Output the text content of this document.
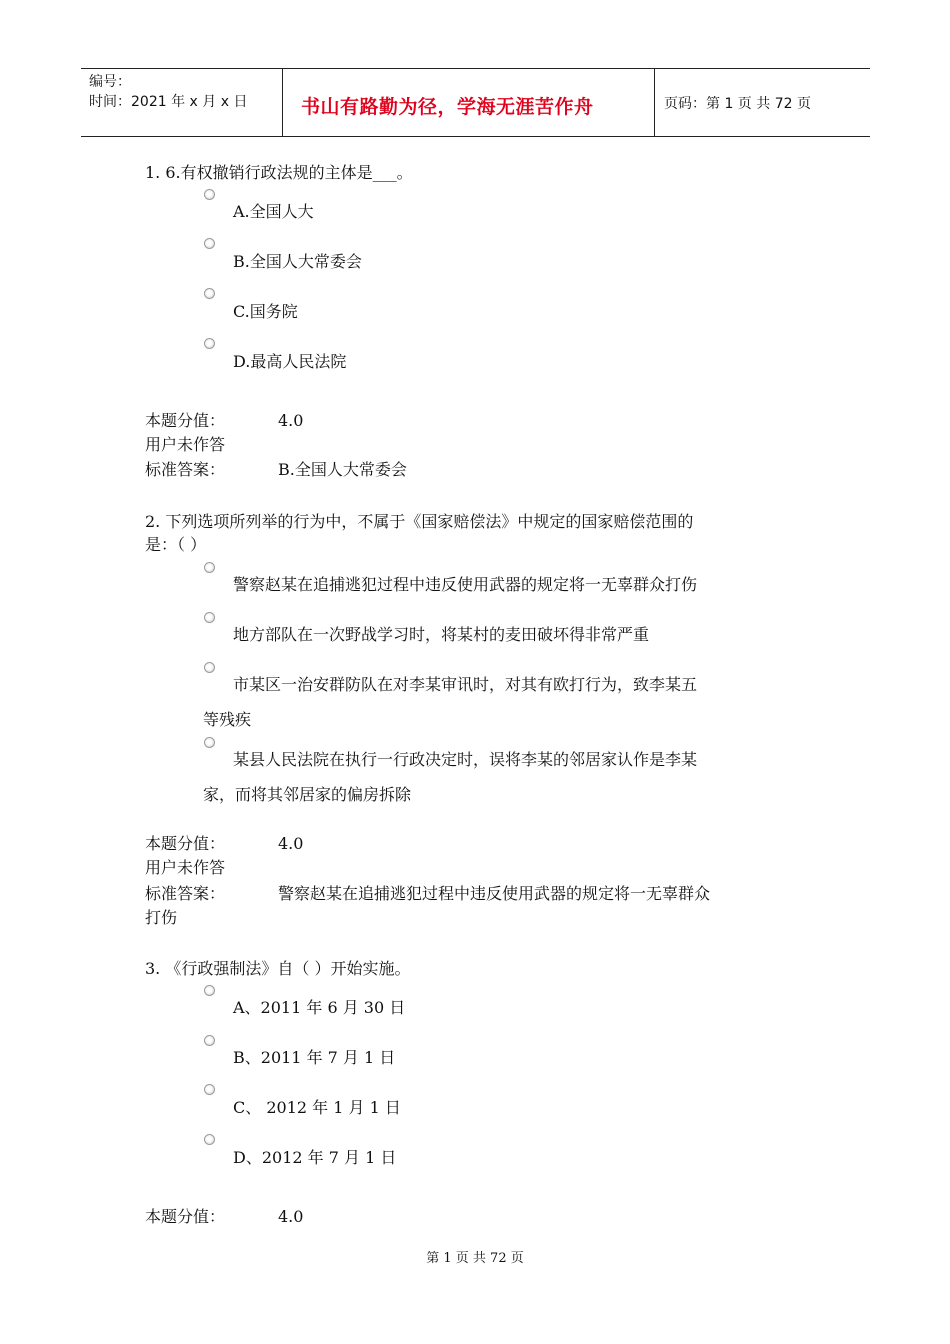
编号：
时间：2021 年 x 月 x 日	书山有路勤为径，学海无涯苦作舟	页码：第 1 页 共 72 页
1. 6.有权撤销行政法规的主体是___。
A.全国人大
B.全国人大常委会
C.国务院
D.最高人民法院
本题分值：	4.0
用户未作答
标准答案：	B.全国人大常委会
2. 下列选项所列举的行为中，不属于《国家赔偿法》中规定的国家赔偿范围的
是：（ ）
警察赵某在追捕逃犯过程中违反使用武器的规定将一无辜群众打伤
地方部队在一次野战学习时，将某村的麦田破坏得非常严重
市某区一治安群防队在对李某审讯时，对其有欧打行为，致李某五
等残疾
某县人民法院在执行一行政决定时，误将李某的邻居家认作是李某
家，而将其邻居家的偏房拆除
本题分值：	4.0
用户未作答
标准答案：	警察赵某在追捕逃犯过程中违反使用武器的规定将一无辜群众
打伤
3. 《行政强制法》自（ ）开始实施。
A、2011 年 6 月 30 日
B、2011 年 7 月 1 日
C、 2012 年 1 月 1 日
D、2012 年 7 月 1 日
本题分值：	4.0
第 1 页 共 72 页
